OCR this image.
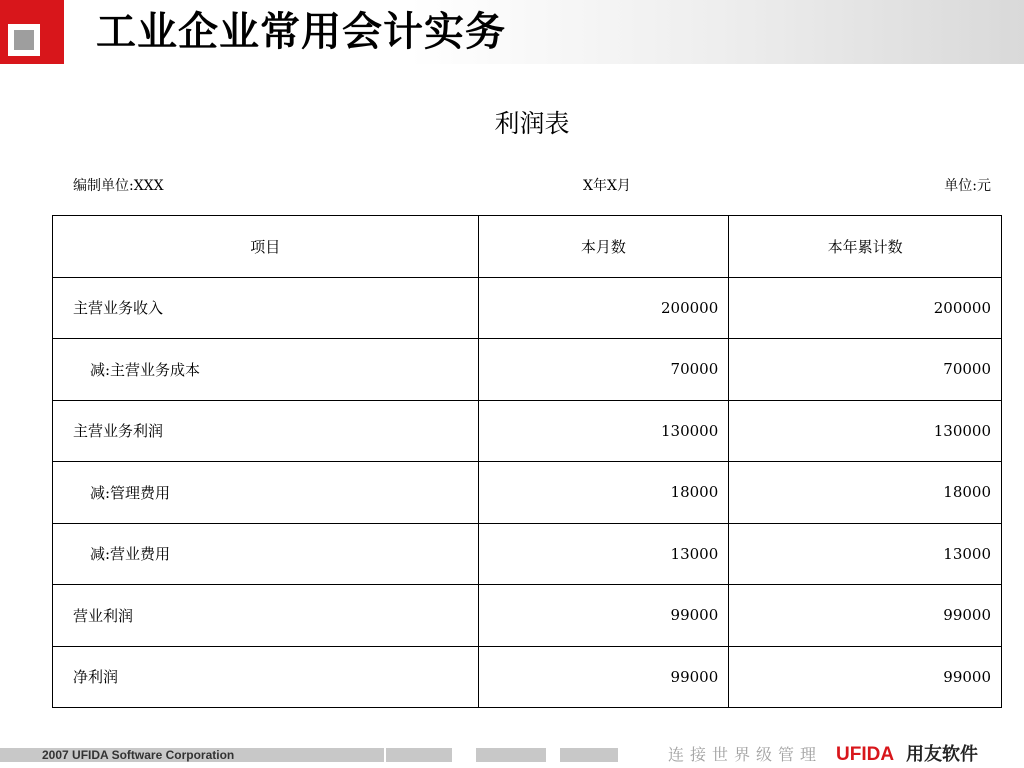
工业企业常用会计实务
利润表
编制单位:XXX	X年X月	单位:元
项目	本月数	本年累计数
主营业务收入	200000	200000
减:主营业务成本	70000	70000
主营业务利润	130000	130000
减:管理费用	18000	18000
减:营业费用	13000	13000
营业利润	99000	99000
净利润	99000	99000
2007 UFIDA Software Corporation	连接世界级管理 UFIDA 用友软件
